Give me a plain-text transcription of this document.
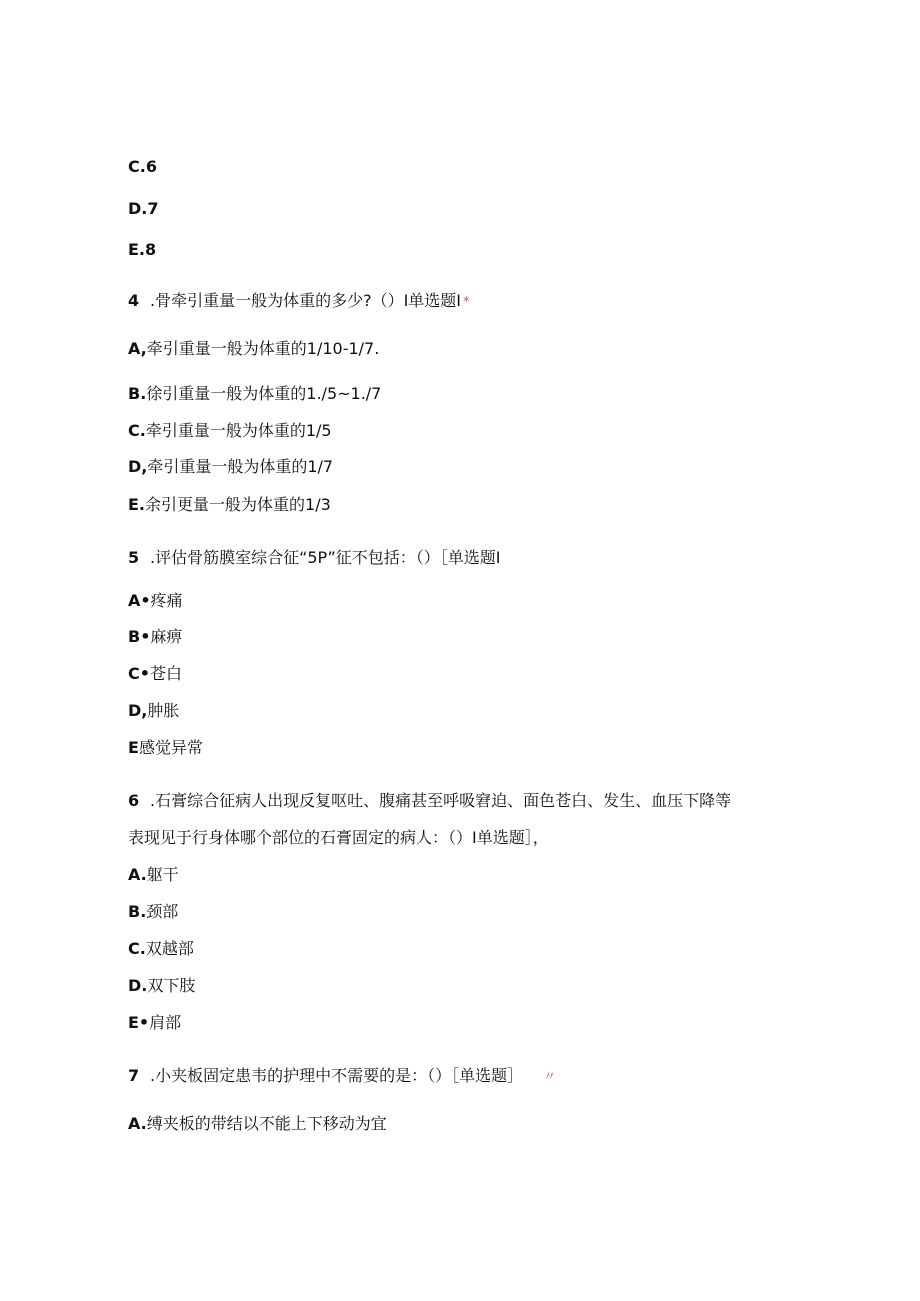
C.6
D.7
E.8
4 .骨牵引重量一般为体重的多少?（）I单选题I *
A,牵引重量一般为体重的1/10-1/7.
B.徐引重量一般为体重的1./5~1./7
C.牵引重量一般为体重的1/5
D,牵引重量一般为体重的1/7
E.余引更量一般为体重的1/3
5 .评估骨筋膜室综合征“5P”征不包括：（）［单选题I
A•疼痛
B•麻痹
C•苍白
D,肿胀
E感觉异常
6 .石膏综合征病人出现反复呕吐、腹痛甚至呼吸窘迫、面色苍白、发生、血压下降等
表现见于行身体哪个部位的石膏固定的病人：（）I单选题］，
A.躯干
B.颈部
C.双越部
D.双下肢
E•肩部
7 .小夹板固定患韦的护理中不需要的是：（）［单选题］ 〃
A.缚夹板的带结以不能上下移动为宜
